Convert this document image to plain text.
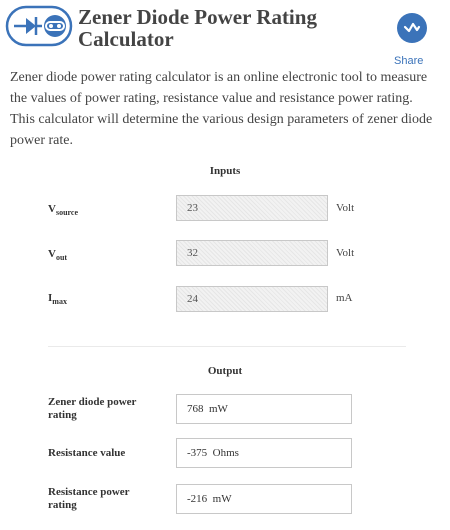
Zener Diode Power Rating Calculator
Share
Zener diode power rating calculator is an online electronic tool to measure the values of power rating, resistance value and resistance power rating. This calculator will determine the various design parameters of zener diode power rate.
Inputs
$V_{source}$	23	Volt
$V_{out}$	32	Volt
$I_{max}$	24	mA
Output
Zener diode power rating	768  mW
Resistance value	-375  Ohms
Resistance power rating	-216  mW
